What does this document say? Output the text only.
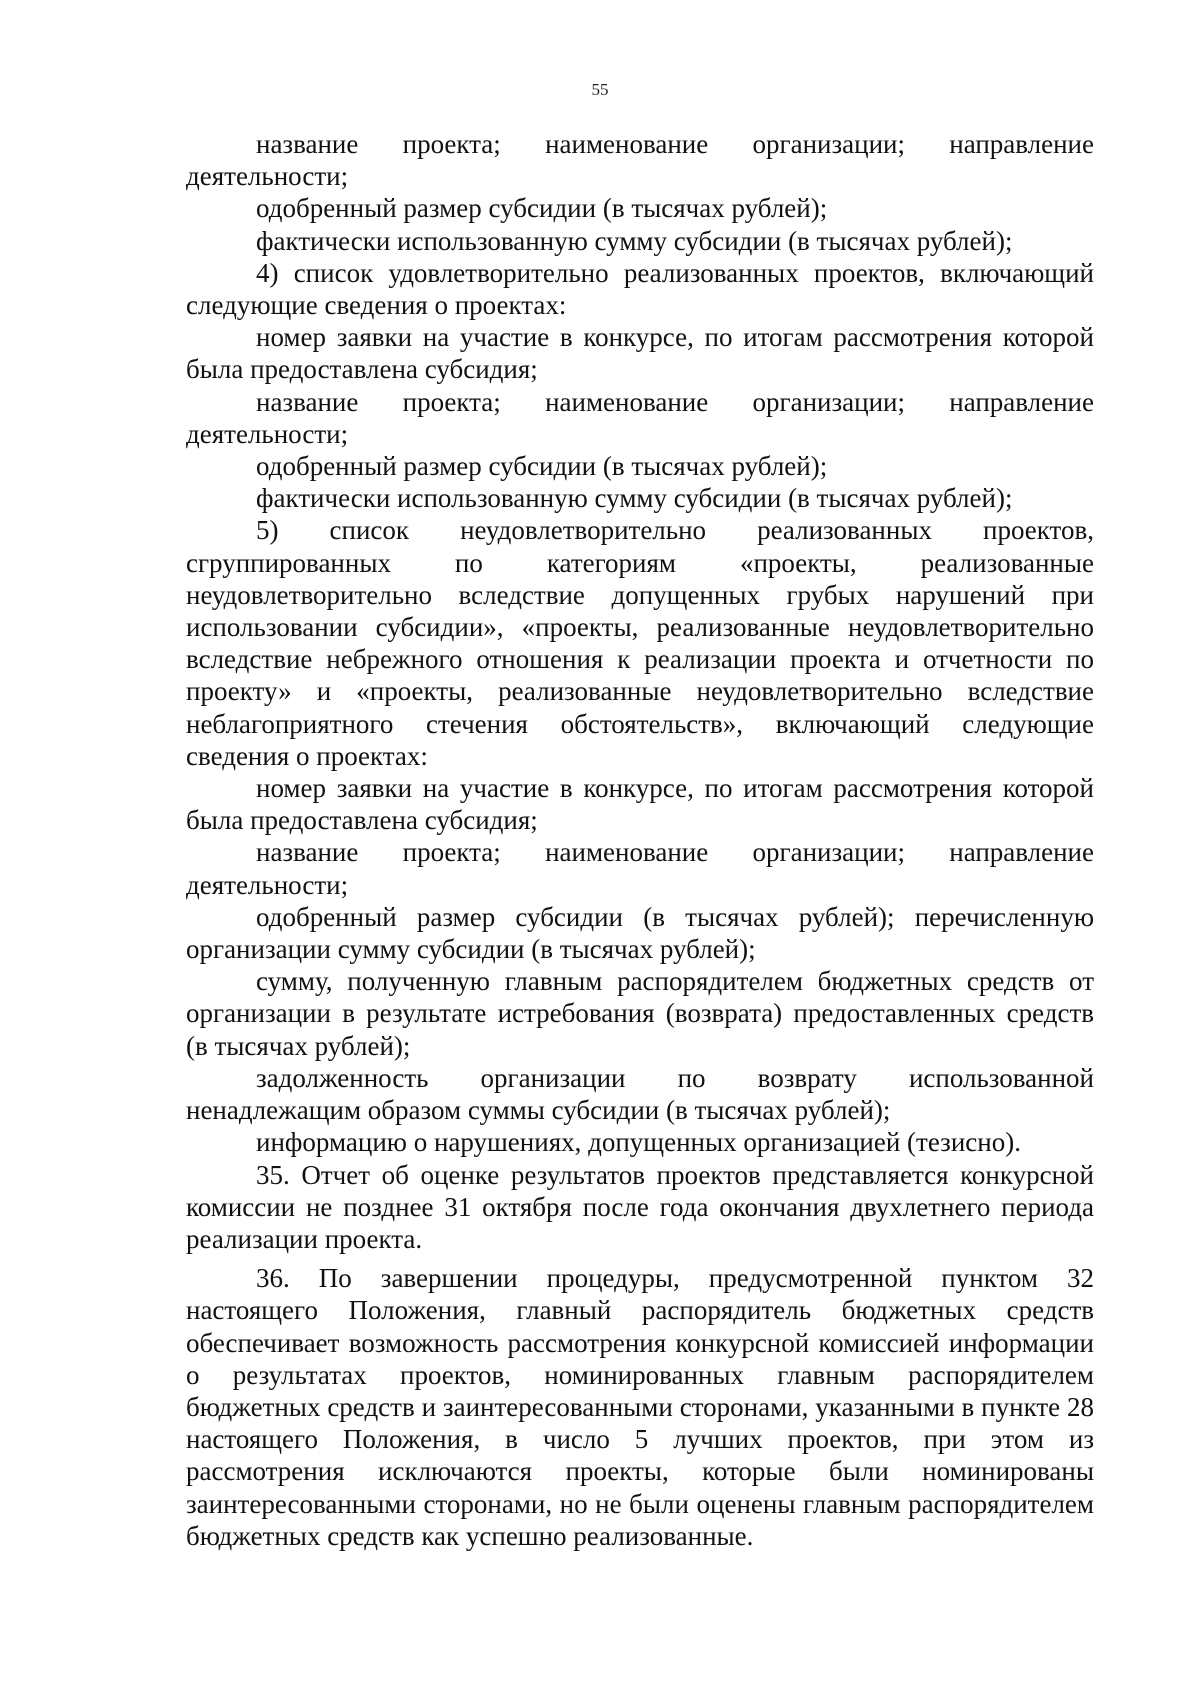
55

название проекта; наименование организации; направление деятельности;

одобренный размер субсидии (в тысячах рублей);

фактически использованную сумму субсидии (в тысячах рублей);

4) список удовлетворительно реализованных проектов, включающий следующие сведения о проектах:

номер заявки на участие в конкурсе, по итогам рассмотрения которой была предоставлена субсидия;

название проекта; наименование организации; направление деятельности;

одобренный размер субсидии (в тысячах рублей);

фактически использованную сумму субсидии (в тысячах рублей);

5) список неудовлетворительно реализованных проектов, сгруппированных по категориям «проекты, реализованные неудовлетворительно вследствие допущенных грубых нарушений при использовании субсидии», «проекты, реализованные неудовлетворительно вследствие небрежного отношения к реализации проекта и отчетности по проекту» и «проекты, реализованные неудовлетворительно вследствие неблагоприятного стечения обстоятельств», включающий следующие сведения о проектах:

номер заявки на участие в конкурсе, по итогам рассмотрения которой была предоставлена субсидия;

название проекта; наименование организации; направление деятельности;

одобренный размер субсидии (в тысячах рублей); перечисленную организации сумму субсидии (в тысячах рублей);

сумму, полученную главным распорядителем бюджетных средств от организации в результате истребования (возврата) предоставленных средств (в тысячах рублей);

задолженность организации по возврату использованной ненадлежащим образом суммы субсидии (в тысячах рублей);

информацию о нарушениях, допущенных организацией (тезисно).

35. Отчет об оценке результатов проектов представляется конкурсной комиссии не позднее 31 октября после года окончания двухлетнего периода реализации проекта.

36. По завершении процедуры, предусмотренной пунктом 32 настоящего Положения, главный распорядитель бюджетных средств обеспечивает возможность рассмотрения конкурсной комиссией информации о результатах проектов, номинированных главным распорядителем бюджетных средств и заинтересованными сторонами, указанными в пункте 28 настоящего Положения, в число 5 лучших проектов, при этом из рассмотрения исключаются проекты, которые были номинированы заинтересованными сторонами, но не были оценены главным распорядителем бюджетных средств как успешно реализованные.
